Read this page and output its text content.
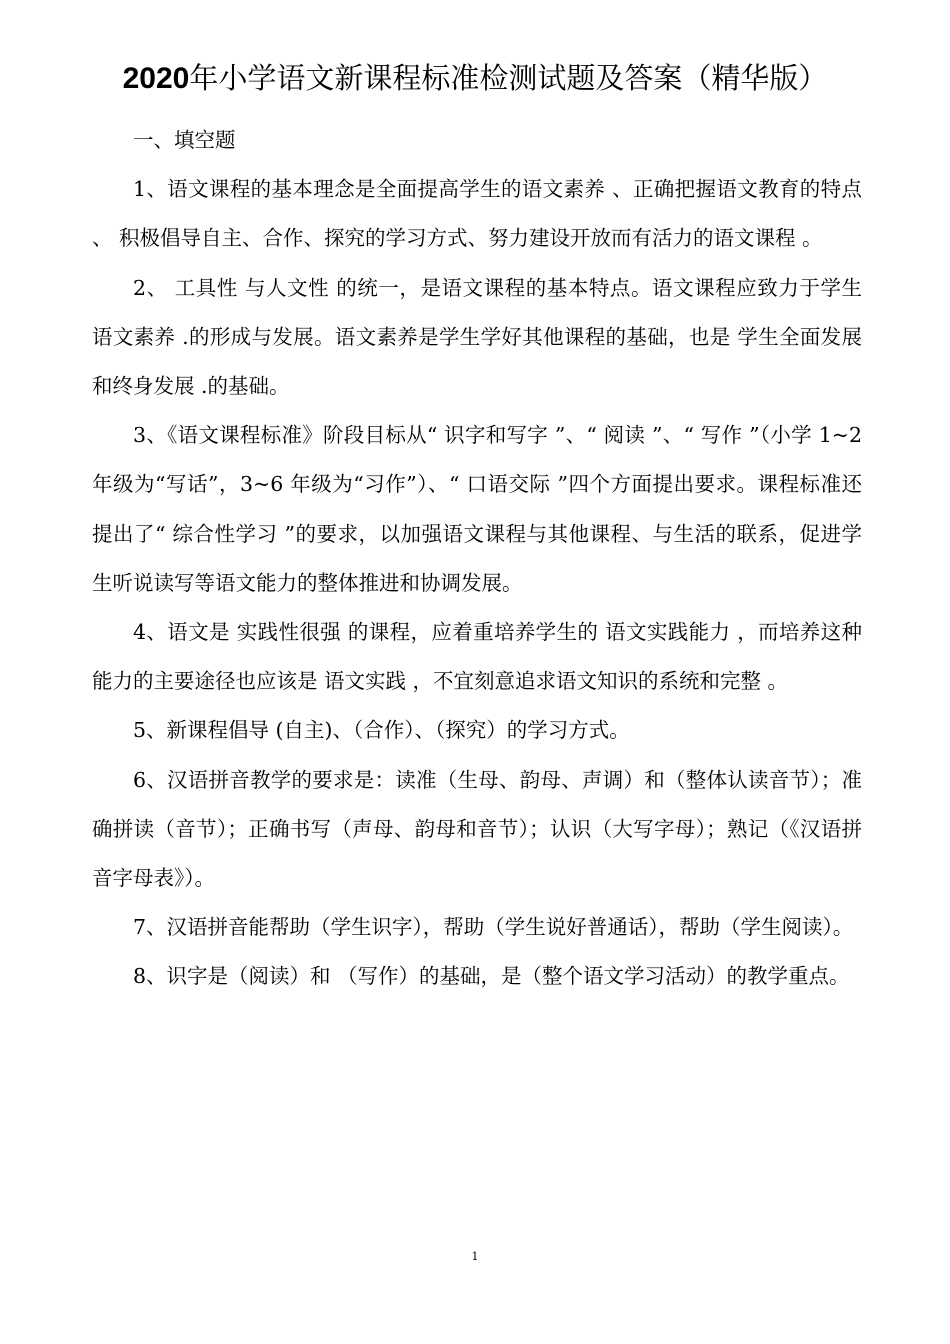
2020年小学语文新课程标准检测试题及答案（精华版）

一、填空题

1、语文课程的基本理念是全面提高学生的语文素养 、正确把握语文教育的特点 、 积极倡导自主、合作、探究的学习方式、努力建设开放而有活力的语文课程 。

2、 工具性 与人文性 的统一，是语文课程的基本特点。语文课程应致力于学生 语文素养 .的形成与发展。语文素养是学生学好其他课程的基础，也是 学生全面发展和终身发展 .的基础。

3、《语文课程标准》阶段目标从“ 识字和写字 ”、“ 阅读 ”、“ 写作 ”（小学 1~2 年级为“写话”，3~6 年级为“习作”）、“ 口语交际 ”四个方面提出要求。课程标准还提出了“ 综合性学习 ”的要求，以加强语文课程与其他课程、与生活的联系，促进学生听说读写等语文能力的整体推进和协调发展。

4、语文是 实践性很强 的课程，应着重培养学生的 语文实践能力 ，而培养这种能力的主要途径也应该是 语文实践 ，不宜刻意追求语文知识的系统和完整 。

5、新课程倡导 (自主)、（合作）、（探究）的学习方式。

6、汉语拼音教学的要求是：读准（生母、韵母、声调）和（整体认读音节）；准确拼读（音节）；正确书写（声母、韵母和音节）；认识（大写字母）；熟记（《汉语拼音字母表》）。

7、汉语拼音能帮助（学生识字），帮助（学生说好普通话），帮助（学生阅读）。

8、识字是（阅读）和 （写作）的基础，是（整个语文学习活动）的教学重点。

1
